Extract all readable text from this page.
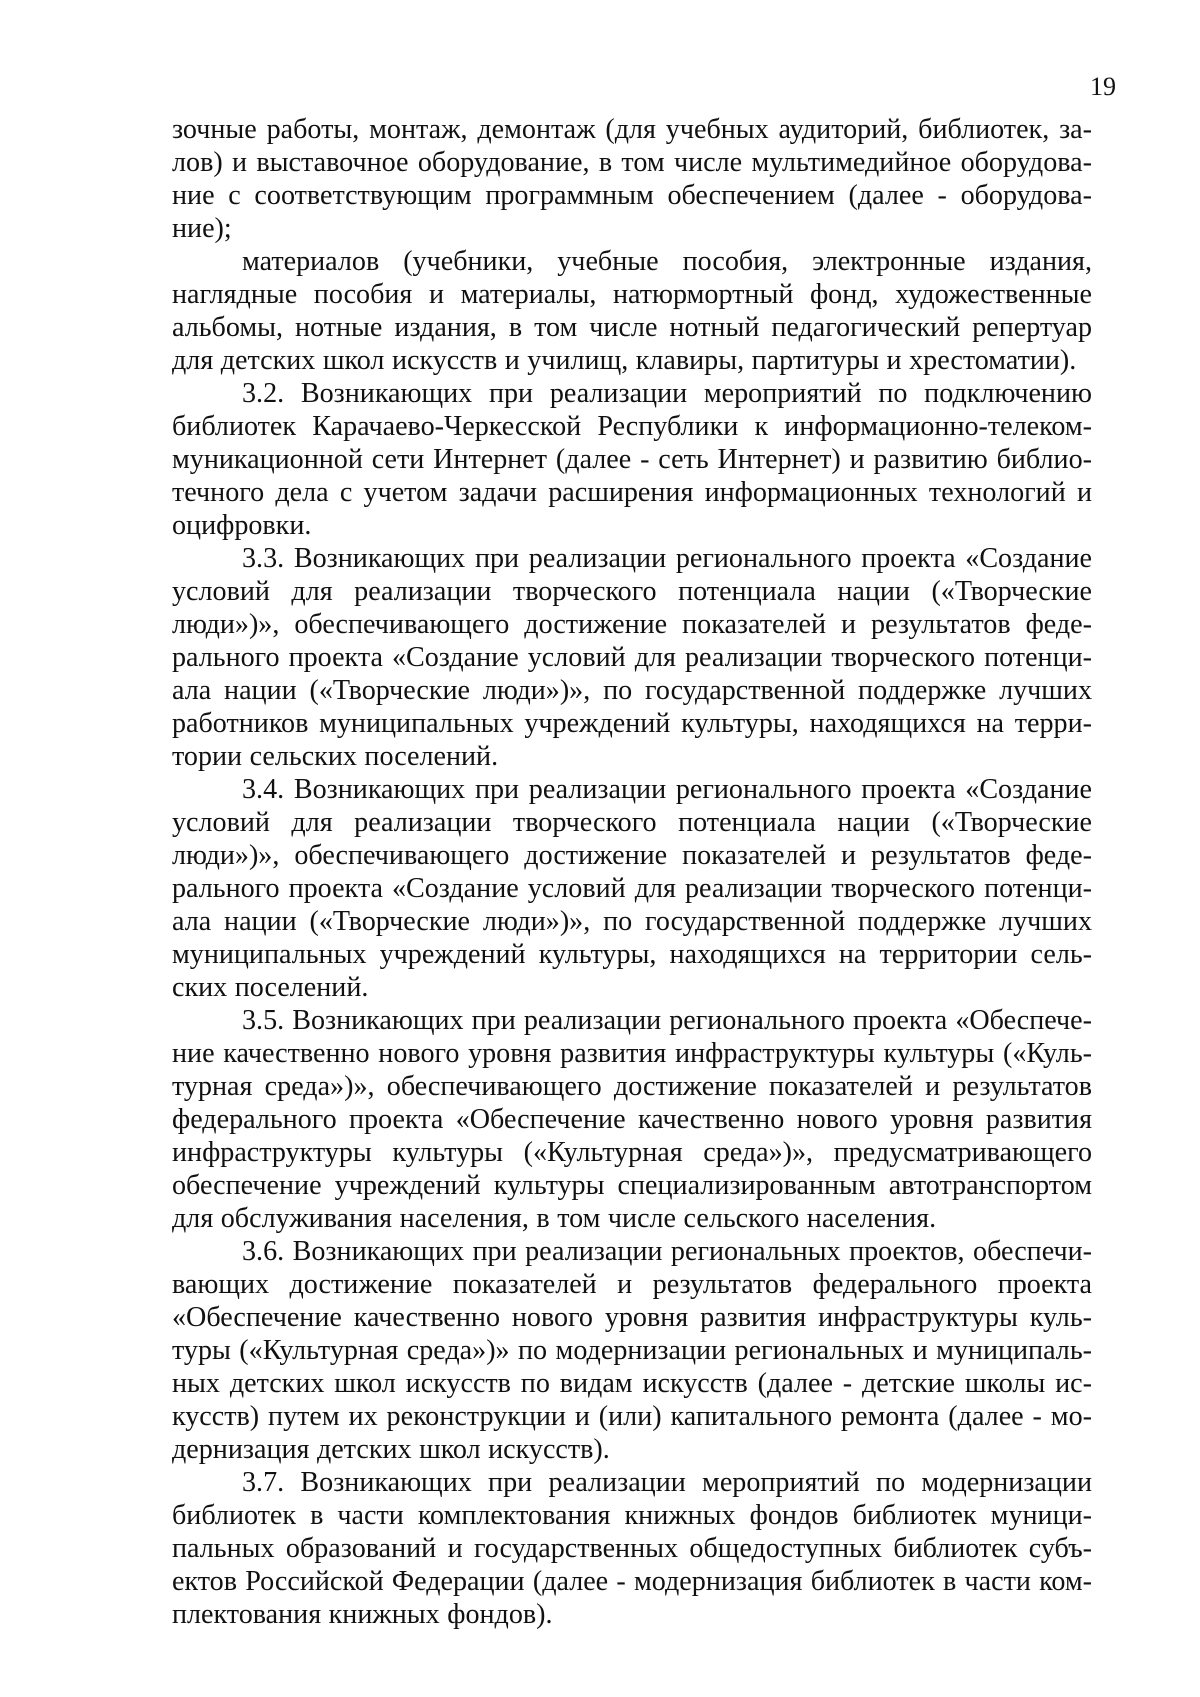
19
зочные работы, монтаж, демонтаж (для учебных аудиторий, библиотек, за-
лов) и выставочное оборудование, в том числе мультимедийное оборудова-
ние с соответствующим программным обеспечением (далее - оборудова-
ние);
материалов (учебники, учебные пособия, электронные издания,
наглядные пособия и материалы, натюрмортный фонд, художественные
альбомы, нотные издания, в том числе нотный педагогический репертуар
для детских школ искусств и училищ, клавиры, партитуры и хрестоматии).
3.2. Возникающих при реализации мероприятий по подключению
библиотек Карачаево-Черкесской Республики к информационно-телеком-
муникационной сети Интернет (далее - сеть Интернет) и развитию библио-
течного дела с учетом задачи расширения информационных технологий и
оцифровки.
3.3. Возникающих при реализации регионального проекта «Создание
условий для реализации творческого потенциала нации («Творческие
люди»)», обеспечивающего достижение показателей и результатов феде-
рального проекта «Создание условий для реализации творческого потенци-
ала нации («Творческие люди»)», по государственной поддержке лучших
работников муниципальных учреждений культуры, находящихся на терри-
тории сельских поселений.
3.4. Возникающих при реализации регионального проекта «Создание
условий для реализации творческого потенциала нации («Творческие
люди»)», обеспечивающего достижение показателей и результатов феде-
рального проекта «Создание условий для реализации творческого потенци-
ала нации («Творческие люди»)», по государственной поддержке лучших
муниципальных учреждений культуры, находящихся на территории сель-
ских поселений.
3.5. Возникающих при реализации регионального проекта «Обеспече-
ние качественно нового уровня развития инфраструктуры культуры («Куль-
турная среда»)», обеспечивающего достижение показателей и результатов
федерального проекта «Обеспечение качественно нового уровня развития
инфраструктуры культуры («Культурная среда»)», предусматривающего
обеспечение учреждений культуры специализированным автотранспортом
для обслуживания населения, в том числе сельского населения.
3.6. Возникающих при реализации региональных проектов, обеспечи-
вающих достижение показателей и результатов федерального проекта
«Обеспечение качественно нового уровня развития инфраструктуры куль-
туры («Культурная среда»)» по модернизации региональных и муниципаль-
ных детских школ искусств по видам искусств (далее - детские школы ис-
кусств) путем их реконструкции и (или) капитального ремонта (далее - мо-
дернизация детских школ искусств).
3.7. Возникающих при реализации мероприятий по модернизации
библиотек в части комплектования книжных фондов библиотек муници-
пальных образований и государственных общедоступных библиотек субъ-
ектов Российской Федерации (далее - модернизация библиотек в части ком-
плектования книжных фондов).
